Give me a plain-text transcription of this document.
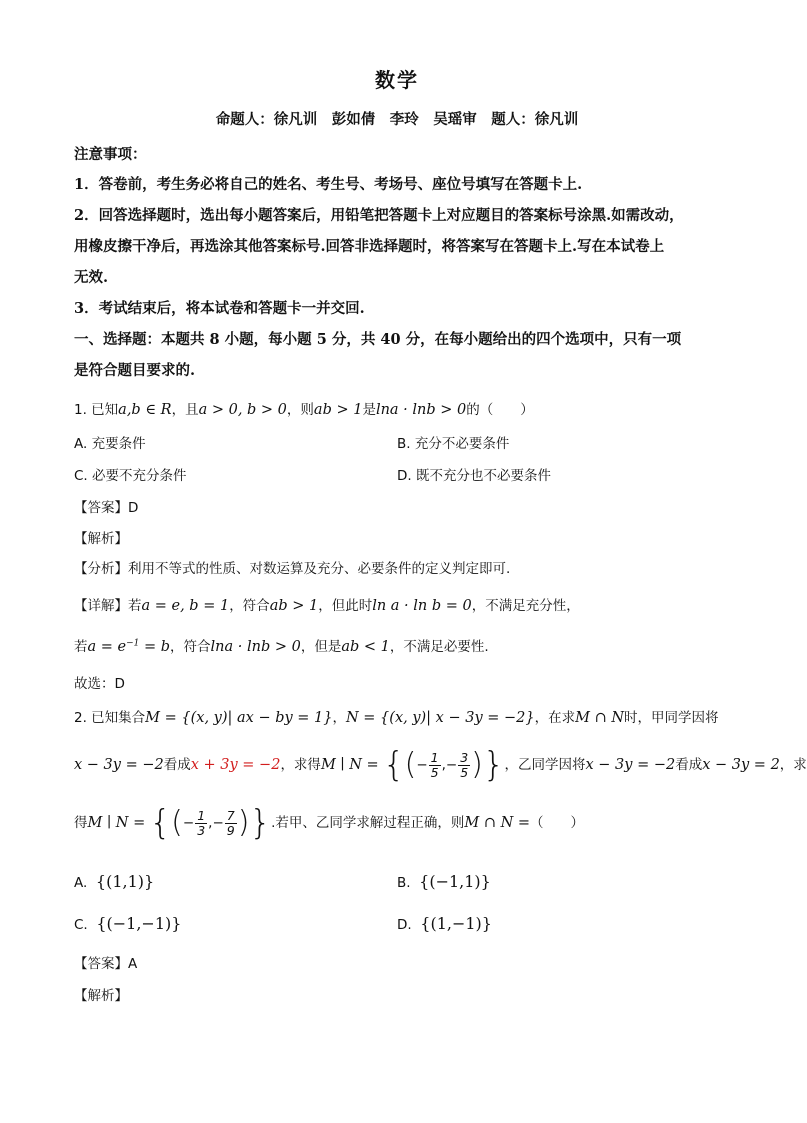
数学
命题人：徐凡训　彭如倩　李玲　吴瑶审　题人：徐凡训
注意事项：
1．答卷前，考生务必将自己的姓名、考生号、考场号、座位号填写在答题卡上.
2．回答选择题时，选出每小题答案后，用铅笔把答题卡上对应题目的答案标号涂黑.如需改动，
用橡皮擦干净后，再选涂其他答案标号.回答非选择题时，将答案写在答题卡上.写在本试卷上
无效.
3．考试结束后，将本试卷和答题卡一并交回.
一、选择题：本题共 8 小题，每小题 5 分，共 40 分，在每小题给出的四个选项中，只有一项
是符合题目要求的.
1. 已知a,b ∈ R，且a > 0, b > 0，则ab > 1是lna · lnb > 0的（　　）
A. 充要条件	B. 充分不必要条件
C. 必要不充分条件	D. 既不充分也不必要条件
【答案】D
【解析】
【分析】利用不等式的性质、对数运算及充分、必要条件的定义判定即可.
【详解】若a = e, b = 1，符合ab > 1，但此时ln a · ln b = 0，不满足充分性，
若$a = e^{-1} = b$，符合lna · lnb > 0，但是ab < 1，不满足必要性.
故选：D
2. 已知集合M = {(x, y)| ax − by = 1}，N = {(x, y)| x − 3y = −2}，在求M ∩ N时，甲同学因将
x − 3y = −2看成x + 3y = −2，求得M ∣ N = {(− $\frac{1}{5}$ ,− $\frac{3}{5}$ )}，乙同学因将x − 3y = −2看成x − 3y = 2，求
得M ∣ N = {(− $\frac{1}{3}$ ,− $\frac{7}{9}$ )}.若甲、乙同学求解过程正确，则M ∩ N =（　　）
A. {(1,1)}	B. {(−1,1)}
C. {(−1,−1)}	D. {(1,−1)}
【答案】A
【解析】
